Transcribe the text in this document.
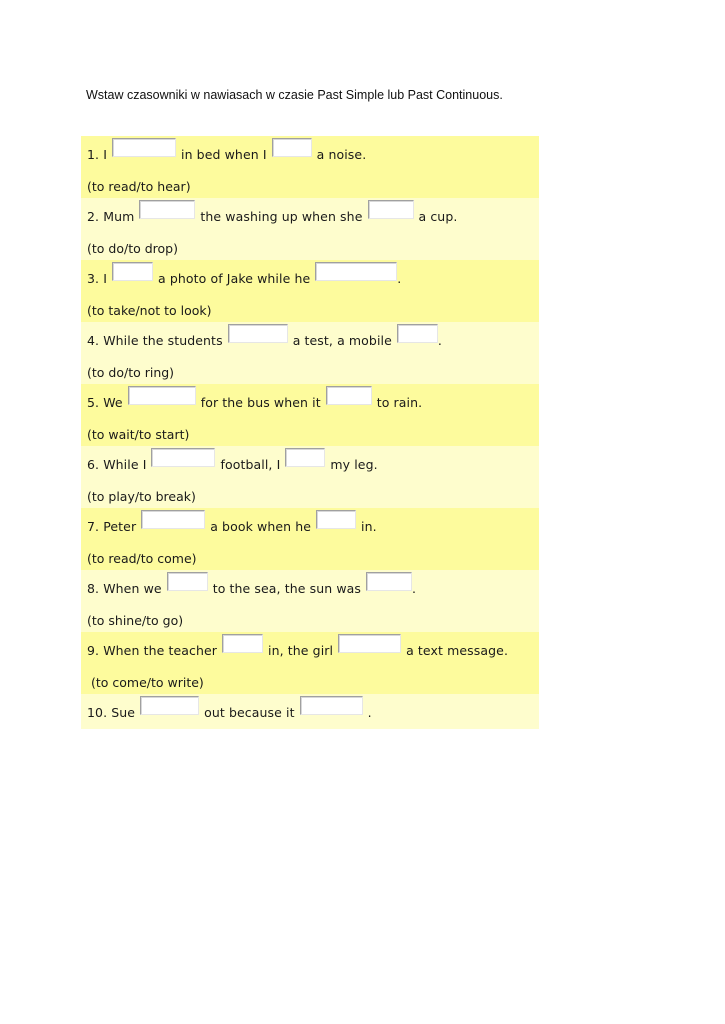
Wstaw czasowniki w nawiasach w czasie Past Simple lub Past Continuous.
1. I	in bed when I	a noise.
(to read/to hear)
2. Mum	the washing up when she	a cup.
(to do/to drop)
3. I	a photo of Jake while he	.
(to take/not to look)
4. While the students	a test, a mobile	.
(to do/to ring)
5. We	for the bus when it	to rain.
(to wait/to start)
6. While I	football, I	my leg.
(to play/to break)
7. Peter	a book when he	in.
(to read/to come)
8. When we	to the sea, the sun was	.
(to shine/to go)
9. When the teacher	in, the girl	a text message.
(to come/to write)
10. Sue	out because it	.
